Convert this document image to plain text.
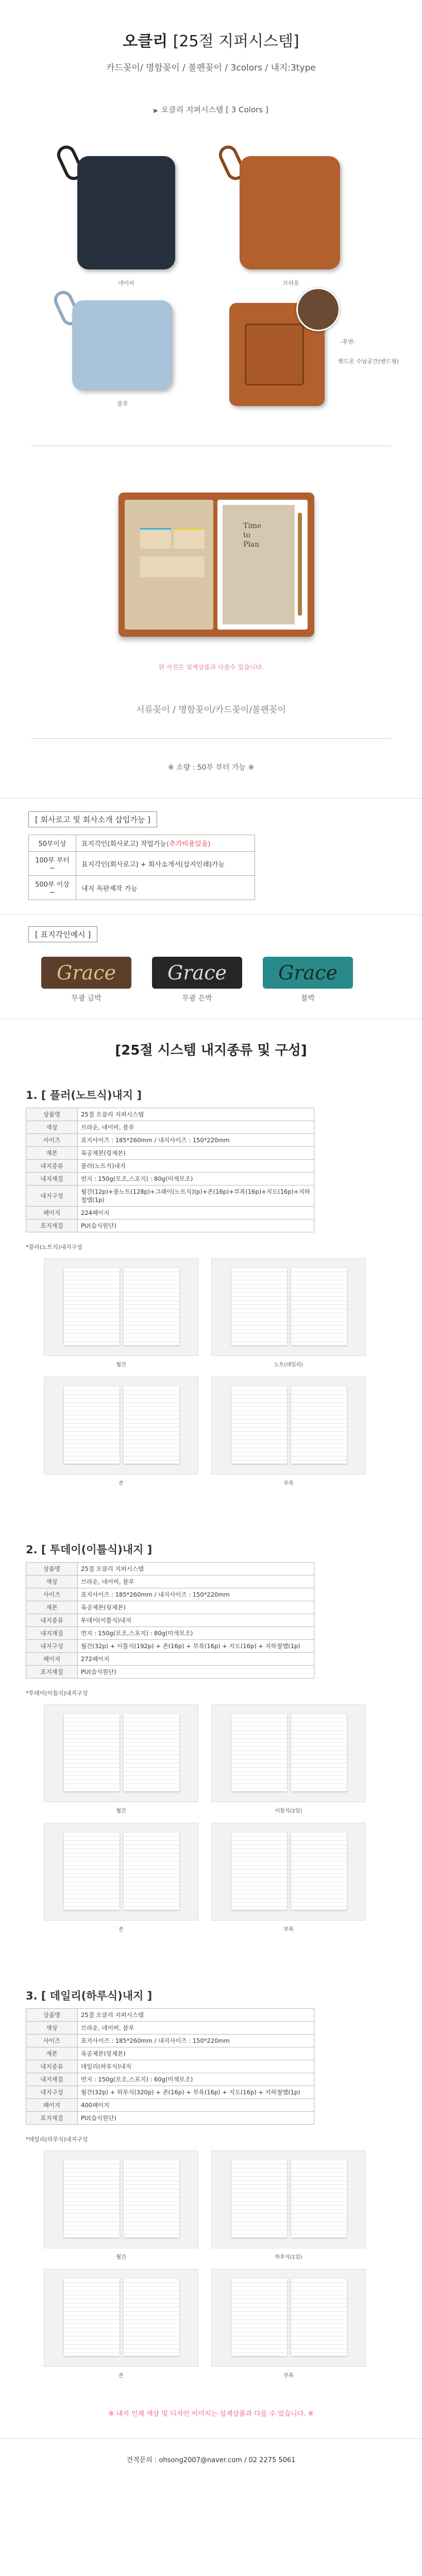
오클리 [25절 지퍼시스템]
카드꽂이/ 명함꽂이 / 볼펜꽂이 / 3colors / 내지:3type
▶ 오클리 지퍼시스템 [ 3 Colors ]
네이비	브라운
블루
-후면-
핸드폰 수납공간(밴드형)
Time
to
Plan
위 사진은 실제상품과 다를수 있습니다.
서류꽂이 / 명함꽂이/카드꽂이/볼펜꽂이
※ 소량 : 50부 부터 가능 ※
[ 회사로고 및 회사소개 삽입가능 ]
50부이상	표지각인(회사로고) 작업가능(추가비용있음)
100부 부터~	표지각인(회사로고) + 회사소개서(삽지인쇄)가능
500부 이상~	내지 독판제작 가능
[ 표지각인예시 ]
Grace
무광 금박
Grace
무광 은박
Grace
블박
[25절 시스템 내지종류 및 구성]
1. [ 플러(노트식)내지 ]
상품명	25절 오클리 지퍼시스템
색상	브라운, 네이비, 블루
사이즈	표지사이즈 : 185*260mm / 내지사이즈 : 150*220mm
재본	육공제본(링제본)
내지종류	플러(노트식)내지
내지재질	먼지 : 150g(모조,스포지) : 80g(미색모조)
내지구성	월간(12p)+플노트(128p)+그래이(노트식)(p)+존(16p)+부록(16p)+지도(16p)+지하철맵(1p)
페이지	224페이지
표지재질	PU(습식원단)
*플러(노트식)내지구성
월간	노트(데일리)
존	부록
2. [ 투데이(이틀식)내지 ]
상품명	25절 오클리 지퍼시스템
색상	브라운, 네이비, 블루
사이즈	표지사이즈 : 185*260mm / 내지사이즈 : 150*220mm
재본	육공제본(링제본)
내지종류	투데이(이틀식)내지
내지재질	먼지 : 150g(모조,스포지) : 80g(미색모조)
내지구성	월간(32p) + 이틀식(192p) + 존(16p) + 부록(16p) + 지도(16p) + 지하철맵(1p)
페이지	272페이지
표지재질	PU(습식원단)
*투데이(이틀식)내지구성
월간	이틀식(2일)
존	부록
3. [ 데일리(하루식)내지 ]
상품명	25절 오클리 지퍼시스템
색상	브라운, 네이비, 블루
사이즈	표지사이즈 : 185*260mm / 내지사이즈 : 150*220mm
재본	육공제본(링제본)
내지종류	데일리(하루식)내지
내지재질	먼지 : 150g(모조,스포지) : 60g(미색모조)
내지구성	월간(32p) + 하루식(320p) + 존(16p) + 부록(16p) + 지도(16p) + 지하철맵(1p)
페이지	400페이지
표지재질	PU(습식원단)
*데일리(하루식)내지구성
월간	하루식(1일)
존	부록
※ 내지 인쇄 색상 및 디자인 이미지는 실제상품과 다를 수 있습니다. ※
견적문의 : ohsong2007@naver.com / 02 2275 5061
